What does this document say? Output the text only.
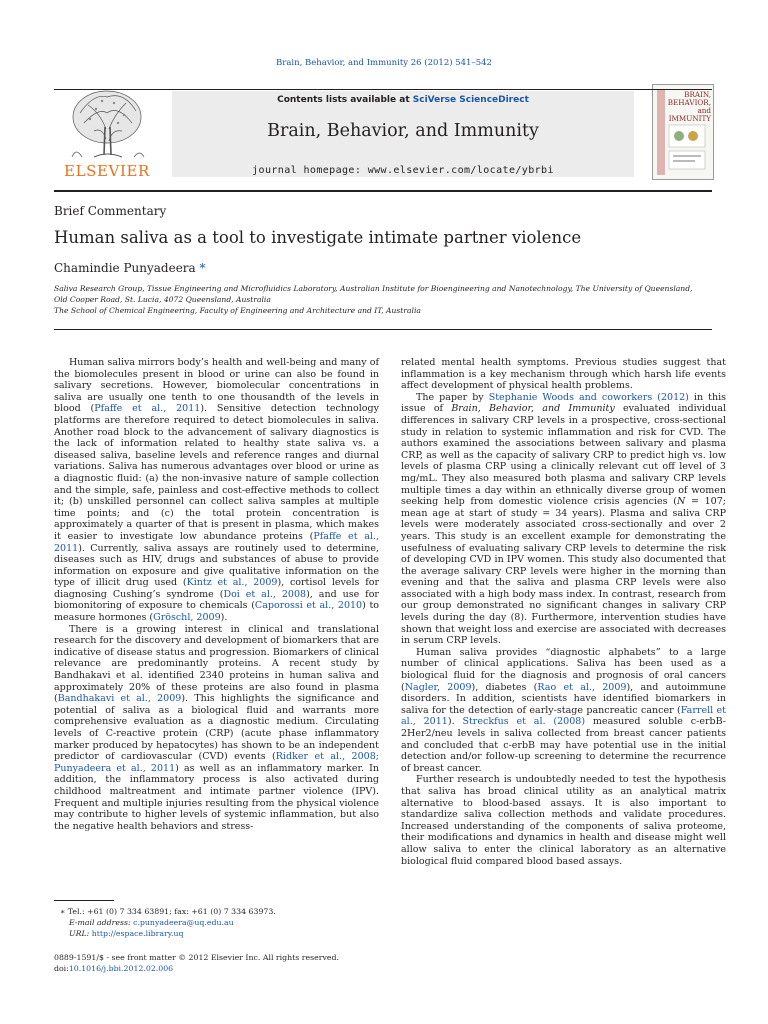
Brain, Behavior, and Immunity 26 (2012) 541–542
ELSEVIER
Contents lists available at SciVerse ScienceDirect
Brain, Behavior, and Immunity
journal homepage: www.elsevier.com/locate/ybrbi
BRAIN,
BEHAVIOR,
and IMMUNITY
Brief Commentary
Human saliva as a tool to investigate intimate partner violence
Chamindie Punyadeera *
Saliva Research Group, Tissue Engineering and Microfluidics Laboratory, Australian Institute for Bioengineering and Nanotechnology, The University of Queensland,
Old Cooper Road, St. Lucia, 4072 Queensland, Australia
The School of Chemical Engineering, Faculty of Engineering and Architecture and IT, Australia

Human saliva mirrors body’s health and well-being and many of the biomolecules present in blood or urine can also be found in salivary secretions. However, biomolecular concentrations in saliva are usually one tenth to one thousandth of the levels in blood (Pfaffe et al., 2011). Sensitive detection technology platforms are therefore required to detect biomolecules in saliva. Another road block to the advancement of salivary diagnostics is the lack of information related to healthy state saliva vs. a diseased saliva, baseline levels and reference ranges and diurnal variations. Saliva has numerous advantages over blood or urine as a diagnostic fluid: (a) the non-invasive nature of sample collection and the simple, safe, painless and cost-effective methods to collect it; (b) unskilled personnel can collect saliva samples at multiple time points; and (c) the total protein concentration is approximately a quarter of that is present in plasma, which makes it easier to investigate low abundance proteins (Pfaffe et al., 2011). Currently, saliva assays are routinely used to determine, diseases such as HIV, drugs and substances of abuse to provide information on exposure and give qualitative information on the type of illicit drug used (Kintz et al., 2009), cortisol levels for diagnosing Cushing’s syndrome (Doi et al., 2008), and use for biomonitoring of exposure to chemicals (Caporossi et al., 2010) to measure hormones (Gröschl, 2009).

There is a growing interest in clinical and translational research for the discovery and development of biomarkers that are indicative of disease status and progression. Biomarkers of clinical relevance are predominantly proteins. A recent study by Bandhakavi et al. identified 2340 proteins in human saliva and approximately 20% of these proteins are also found in plasma (Bandhakavi et al., 2009). This highlights the significance and potential of saliva as a biological fluid and warrants more comprehensive evaluation as a diagnostic medium. Circulating levels of C-reactive protein (CRP) (acute phase inflammatory marker produced by hepatocytes) has shown to be an independent predictor of cardiovascular (CVD) events (Ridker et al., 2008; Punyadeera et al., 2011) as well as an inflammatory marker. In addition, the inflammatory process is also activated during childhood maltreatment and intimate partner violence (IPV). Frequent and multiple injuries resulting from the physical violence may contribute to higher levels of systemic inflammation, but also the negative health behaviors and stress-

related mental health symptoms. Previous studies suggest that inflammation is a key mechanism through which harsh life events affect development of physical health problems.

The paper by Stephanie Woods and coworkers (2012) in this issue of Brain, Behavior, and Immunity evaluated individual differences in salivary CRP levels in a prospective, cross-sectional study in relation to systemic inflammation and risk for CVD. The authors examined the associations between salivary and plasma CRP, as well as the capacity of salivary CRP to predict high vs. low levels of plasma CRP using a clinically relevant cut off level of 3 mg/mL. They also measured both plasma and salivary CRP levels multiple times a day within an ethnically diverse group of women seeking help from domestic violence crisis agencies (N = 107; mean age at start of study = 34 years). Plasma and saliva CRP levels were moderately associated cross-sectionally and over 2 years. This study is an excellent example for demonstrating the usefulness of evaluating salivary CRP levels to determine the risk of developing CVD in IPV women. This study also documented that the average salivary CRP levels were higher in the morning than evening and that the saliva and plasma CRP levels were also associated with a high body mass index. In contrast, research from our group demonstrated no significant changes in salivary CRP levels during the day (8). Furthermore, intervention studies have shown that weight loss and exercise are associated with decreases in serum CRP levels.

Human saliva provides “diagnostic alphabets” to a large number of clinical applications. Saliva has been used as a biological fluid for the diagnosis and prognosis of oral cancers (Nagler, 2009), diabetes (Rao et al., 2009), and autoimmune disorders. In addition, scientists have identified biomarkers in saliva for the detection of early-stage pancreatic cancer (Farrell et al., 2011). Streckfus et al. (2008) measured soluble c-erbB-2Her2/neu levels in saliva collected from breast cancer patients and concluded that c-erbB may have potential use in the initial detection and/or follow-up screening to determine the recurrence of breast cancer.

Further research is undoubtedly needed to test the hypothesis that saliva has broad clinical utility as an analytical matrix alternative to blood-based assays. It is also important to standardize saliva collection methods and validate procedures. Increased understanding of the components of saliva proteome, their modifications and dynamics in health and disease might well allow saliva to enter the clinical laboratory as an alternative biological fluid compared blood based assays.

∗ Tel.: +61 (0) 7 334 63891; fax: +61 (0) 7 334 63973.
E-mail address: c.punyadeera@uq.edu.au
URL: http://espace.library.uq
0889-1591/$ - see front matter © 2012 Elsevier Inc. All rights reserved.
doi:10.1016/j.bbi.2012.02.006
